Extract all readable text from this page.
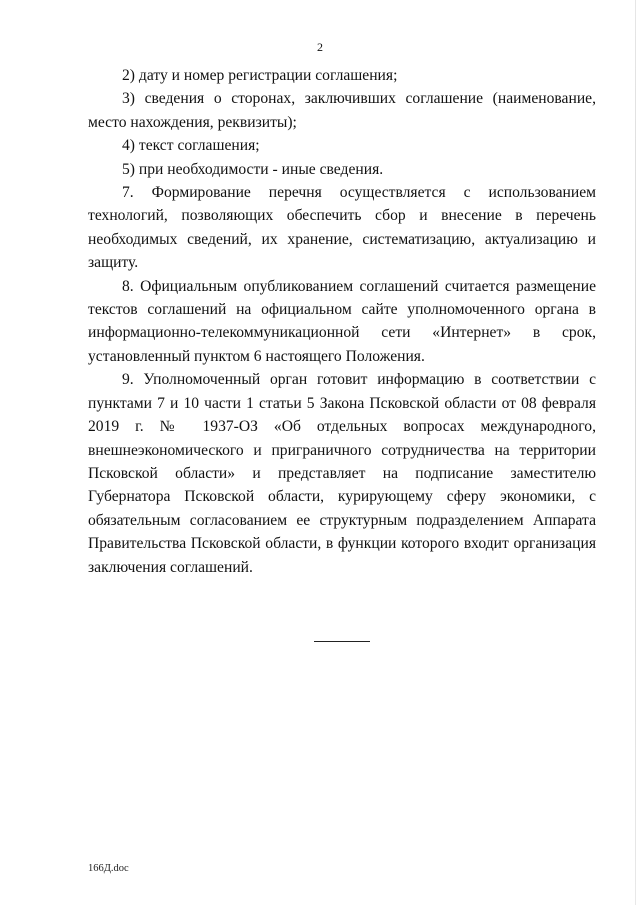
2

2) дату и номер регистрации соглашения;

3) сведения о сторонах, заключивших соглашение (наименование, место нахождения, реквизиты);

4) текст соглашения;

5) при необходимости - иные сведения.

7. Формирование перечня осуществляется с использованием технологий, позволяющих обеспечить сбор и внесение в перечень необходимых сведений, их хранение, систематизацию, актуализацию и защиту.

8. Официальным опубликованием соглашений считается размещение текстов соглашений на официальном сайте уполномоченного органа в информационно-телекоммуникационной сети «Интернет» в срок, установленный пунктом 6 настоящего Положения.

9. Уполномоченный орган готовит информацию в соответствии с пунктами 7 и 10 части 1 статьи 5 Закона Псковской области от 08 февраля 2019 г. № 1937-ОЗ «Об отдельных вопросах международного, внешнеэкономического и приграничного сотрудничества на территории Псковской области» и представляет на подписание заместителю Губернатора Псковской области, курирующему сферу экономики, с обязательным согласованием ее структурным подразделением Аппарата Правительства Псковской области, в функции которого входит организация заключения соглашений.

166Д.doc
